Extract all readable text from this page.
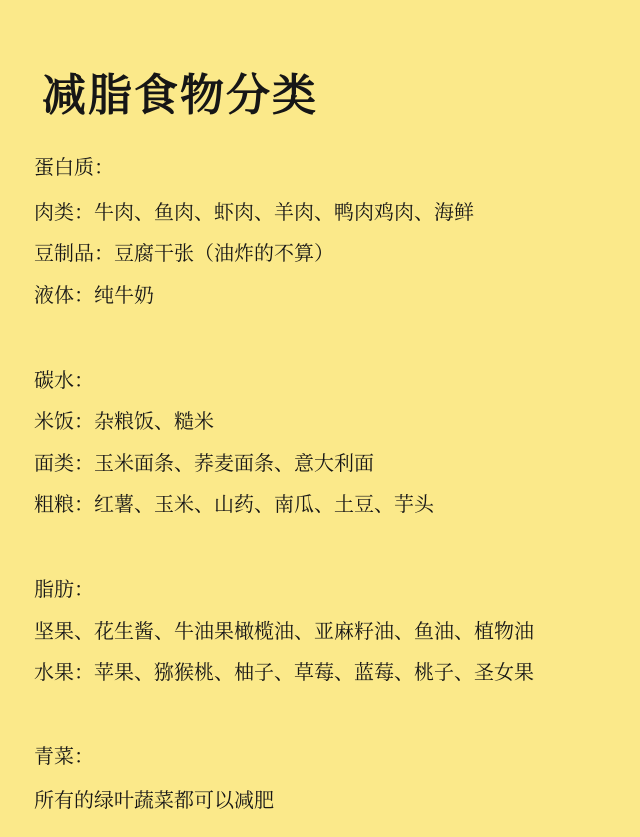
减脂食物分类
蛋白质：
肉类：牛肉、鱼肉、虾肉、羊肉、鸭肉鸡肉、海鲜
豆制品：豆腐干张（油炸的不算）
液体：纯牛奶
碳水：
米饭：杂粮饭、糙米
面类：玉米面条、荞麦面条、意大利面
粗粮：红薯、玉米、山药、南瓜、土豆、芋头
脂肪：
坚果、花生酱、牛油果橄榄油、亚麻籽油、鱼油、植物油
水果：苹果、猕猴桃、柚子、草莓、蓝莓、桃子、圣女果
青菜：
所有的绿叶蔬菜都可以减肥
